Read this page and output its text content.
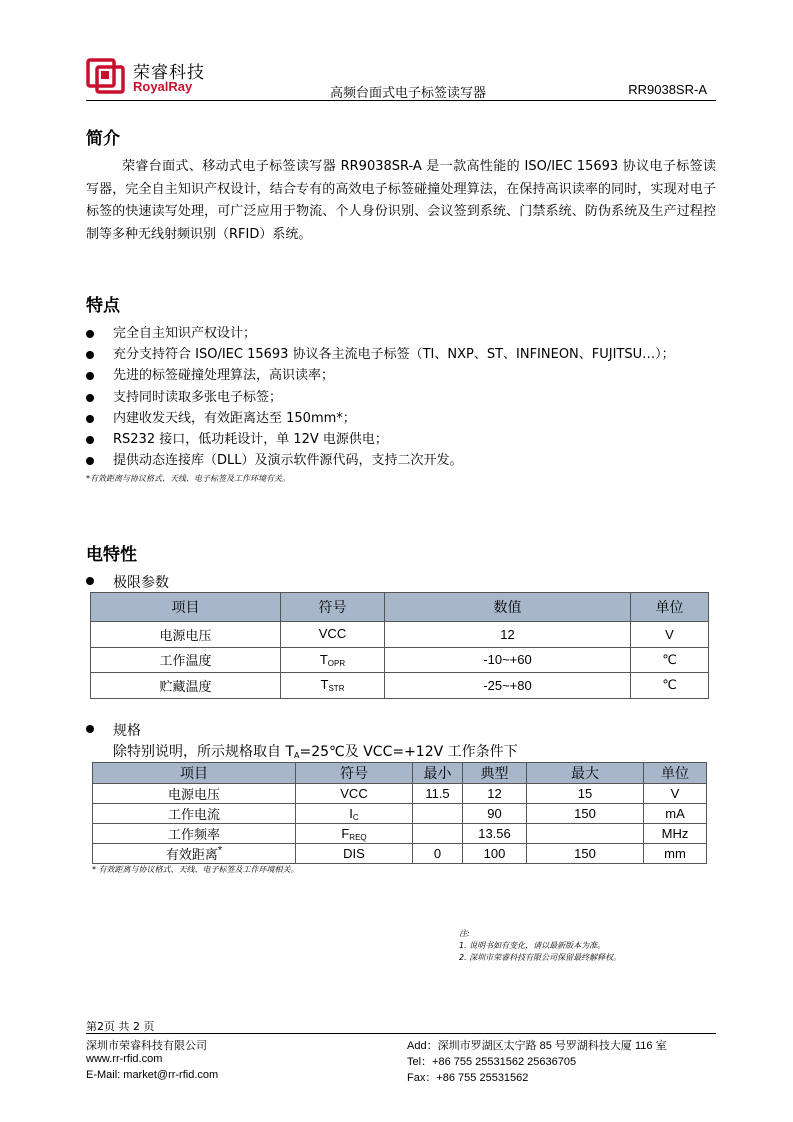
荣睿科技
RoyalRay	高频台面式电子标签读写器	RR9038SR-A
简介

荣睿台面式、移动式电子标签读写器 RR9038SR-A 是一款高性能的 ISO/IEC 15693 协议电子标签读写器，完全自主知识产权设计，结合专有的高效电子标签碰撞处理算法，在保持高识读率的同时，实现对电子标签的快速读写处理，可广泛应用于物流、个人身份识别、会议签到系统、门禁系统、防伪系统及生产过程控制等多种无线射频识别（RFID）系统。

特点
完全自主知识产权设计；
充分支持符合 ISO/IEC 15693 协议各主流电子标签（TI、NXP、ST、INFINEON、FUJITSU…）；
先进的标签碰撞处理算法，高识读率；
支持同时读取多张电子标签；
内建收发天线，有效距离达至 150mm*；
RS232 接口，低功耗设计，单 12V 电源供电；
提供动态连接库（DLL）及演示软件源代码，支持二次开发。
*有效距离与协议格式、天线、电子标签及工作环境有关。
电特性
极限参数
项目	符号	数值	单位
电源电压	VCC	12	V
工作温度	$T_{OPR}$	-10~+60	℃
贮藏温度	$T_{STR}$	-25~+80	℃
规格
除特别说明，所示规格取自 $T_A=25℃$及 VCC=+12V 工作条件下
项目	符号	最小	典型	最大	单位
电源电压	VCC	11.5	12	15	V
工作电流	$I_C$		90	150	mA
工作频率	$F_{REQ}$		13.56		MHz
有效距离*	DIS	0	100	150	mm
* 有效距离与协议格式、天线、电子标签及工作环境相关。
注:
1. 说明书如有变化，请以最新版本为准。
2. 深圳市荣睿科技有限公司保留最终解释权。
第2页 共 2 页
深圳市荣睿科技有限公司
www.rr-rfid.com
E-Mail: market@rr-rfid.com
Add：深圳市罗湖区太宁路 85 号罗湖科技大厦 116 室
Tel：+86 755 25531562 25636705
Fax：+86 755 25531562
